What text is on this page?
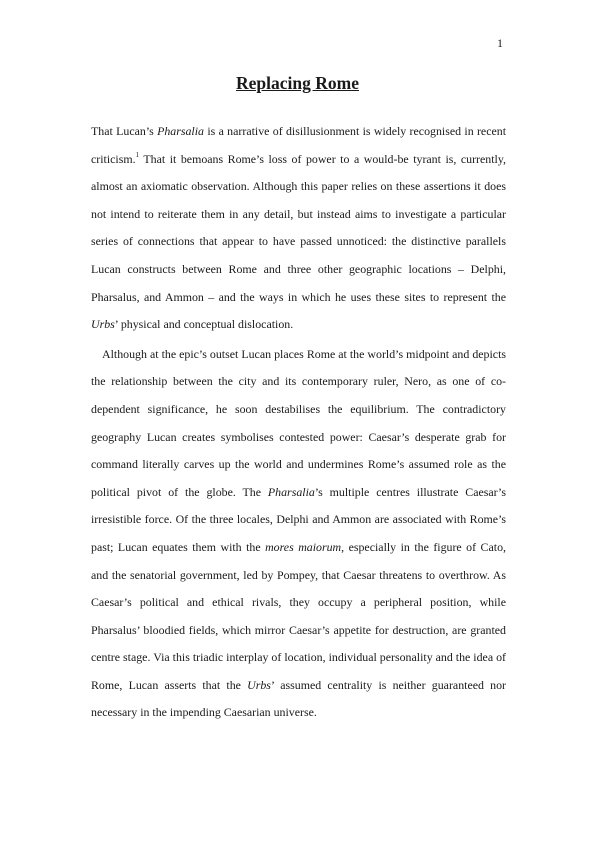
1
Replacing Rome

That Lucan’s Pharsalia is a narrative of disillusionment is widely recognised in recent criticism.$^1$ That it bemoans Rome’s loss of power to a would-be tyrant is, currently, almost an axiomatic observation. Although this paper relies on these assertions it does not intend to reiterate them in any detail, but instead aims to investigate a particular series of connections that appear to have passed unnoticed: the distinctive parallels Lucan constructs between Rome and three other geographic locations – Delphi, Pharsalus, and Ammon – and the ways in which he uses these sites to represent the Urbs’ physical and conceptual dislocation.

Although at the epic’s outset Lucan places Rome at the world’s midpoint and depicts the relationship between the city and its contemporary ruler, Nero, as one of co-dependent significance, he soon destabilises the equilibrium. The contradictory geography Lucan creates symbolises contested power: Caesar’s desperate grab for command literally carves up the world and undermines Rome’s assumed role as the political pivot of the globe. The Pharsalia’s multiple centres illustrate Caesar’s irresistible force. Of the three locales, Delphi and Ammon are associated with Rome’s past; Lucan equates them with the mores maiorum, especially in the figure of Cato, and the senatorial government, led by Pompey, that Caesar threatens to overthrow. As Caesar’s political and ethical rivals, they occupy a peripheral position, while Pharsalus’ bloodied fields, which mirror Caesar’s appetite for destruction, are granted centre stage. Via this triadic interplay of location, individual personality and the idea of Rome, Lucan asserts that the Urbs’ assumed centrality is neither guaranteed nor necessary in the impending Caesarian universe.
